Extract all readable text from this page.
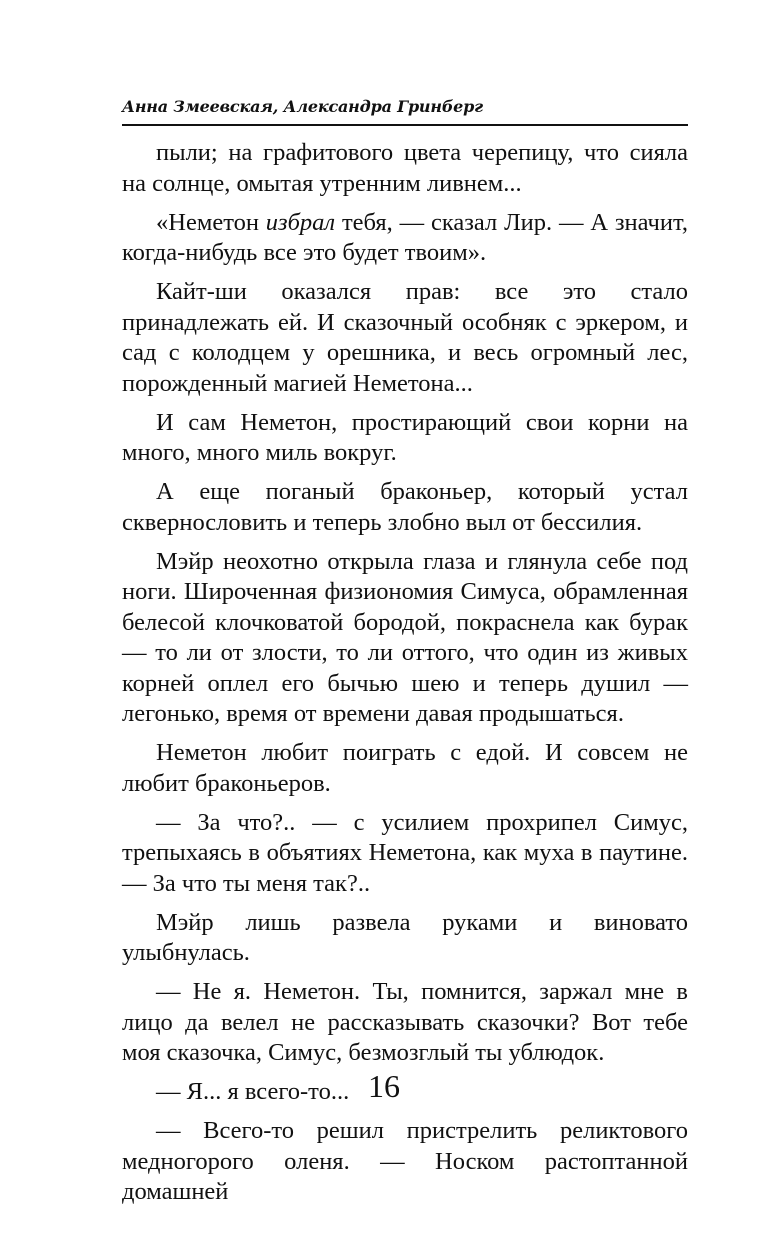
Анна Змеевская, Александра Гринберг

пыли; на графитового цвета черепицу, что сияла на солнце, омытая утренним ливнем...

«Неметон избрал тебя, — сказал Лир. — А значит, когда-нибудь все это будет твоим».

Кайт-ши оказался прав: все это стало принадлежать ей. И сказочный особняк с эркером, и сад с колодцем у орешника, и весь огромный лес, порожденный магией Неметона...

И сам Неметон, простирающий свои корни на много, много миль вокруг.

А еще поганый браконьер, который устал сквернословить и теперь злобно выл от бессилия.

Мэйр неохотно открыла глаза и глянула себе под ноги. Широченная физиономия Симуса, обрамленная белесой клочковатой бородой, покраснела как бурак — то ли от злости, то ли оттого, что один из живых корней оплел его бычью шею и теперь душил — легонько, время от времени давая продышаться.

Неметон любит поиграть с едой. И совсем не любит браконьеров.

— За что?.. — с усилием прохрипел Симус, трепыхаясь в объятиях Неметона, как муха в паутине. — За что ты меня так?..

Мэйр лишь развела руками и виновато улыбнулась.

— Не я. Неметон. Ты, помнится, заржал мне в лицо да велел не рассказывать сказочки? Вот тебе моя сказочка, Симус, безмозглый ты ублюдок.

— Я... я всего-то...

— Всего-то решил пристрелить реликтового медногорого оленя. — Носком растоптанной домашней

16
